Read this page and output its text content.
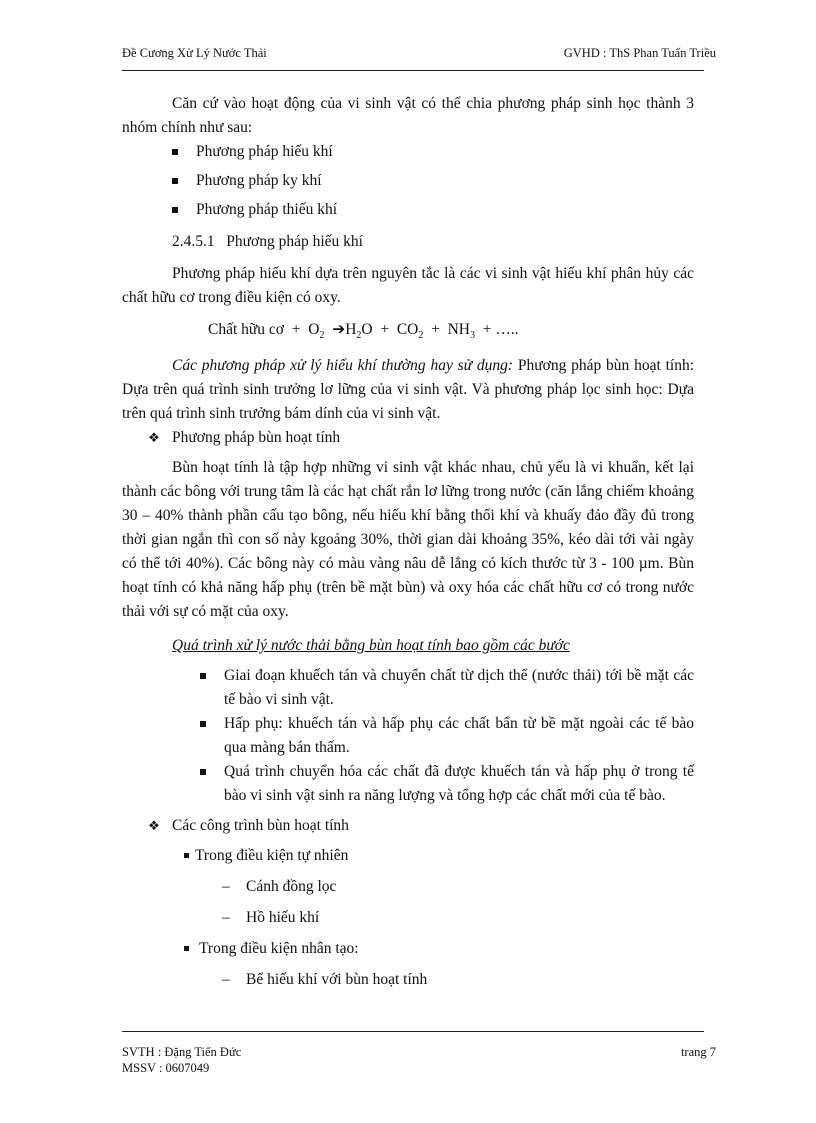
Đề Cương Xử Lý Nước Thải	GVHD : ThS Phan Tuấn Triều

Căn cứ vào hoạt động của vi sinh vật có thể chia phương pháp sinh học thành 3 nhóm chính như sau:

Phương pháp hiếu khí
Phương pháp ky khí
Phương pháp thiếu khí

2.4.5.1   Phương pháp hiếu khí

Phương pháp hiếu khí dựa trên nguyên tắc là các vi sinh vật hiếu khí phân hủy các chất hữu cơ trong điều kiện có oxy.

Chất hữu cơ  +  $O_2$ $➔H_2O + CO_2 + NH_3$  + …..

Các phương pháp xử lý hiếu khí thường hay sử dụng: Phương pháp bùn hoạt tính: Dựa trên quá trình sinh trưởng lơ lững của vi sinh vật. Và phương pháp lọc sinh học: Dựa trên quá trình sinh trưởng bám dính của vi sinh vật.

❖ Phương pháp bùn hoạt tính

Bùn hoạt tính là tập hợp những vi sinh vật khác nhau, chủ yếu là vi khuẩn, kết lại thành các bông với trung tâm là các hạt chất rắn lơ lững trong nước (căn lắng chiếm khoảng 30 – 40% thành phần cấu tạo bông, nếu hiếu khí bằng thổi khí và khuấy đảo đầy đủ trong thời gian ngắn thì con số này kgoảng 30%, thời gian dài khoảng 35%, kéo dài tới vài ngày có thể tới 40%). Các bông này có màu vàng nâu dễ lắng có kích thước từ 3 - 100 µm. Bùn hoạt tính có khả năng hấp phụ (trên bề mặt bùn) và oxy hóa các chất hữu cơ có trong nước thải với sự có mặt của oxy.

Quá trình xử lý nước thải bằng bùn hoạt tính bao gồm các bước

Giai đoạn khuếch tán và chuyển chất từ dịch thể (nước thải) tới bề mặt các tế bào vi sinh vật.
Hấp phụ: khuếch tán và hấp phụ các chất bẩn từ bề mặt ngoài các tế bào qua màng bán thấm.
Quá trình chuyển hóa các chất đã được khuếch tán và hấp phụ ở trong tế bào vi sinh vật sinh ra năng lượng và tổng hợp các chất mới của tế bào.
❖ Các công trình bùn hoạt tính
Trong điều kiện tự nhiên
–	Cánh đồng lọc
–	Hồ hiếu khí
Trong điều kiện nhân tạo:
–	Bể hiếu khí với bùn hoạt tính
SVTH : Đặng Tiến Đức
MSSV : 0607049
trang 7
